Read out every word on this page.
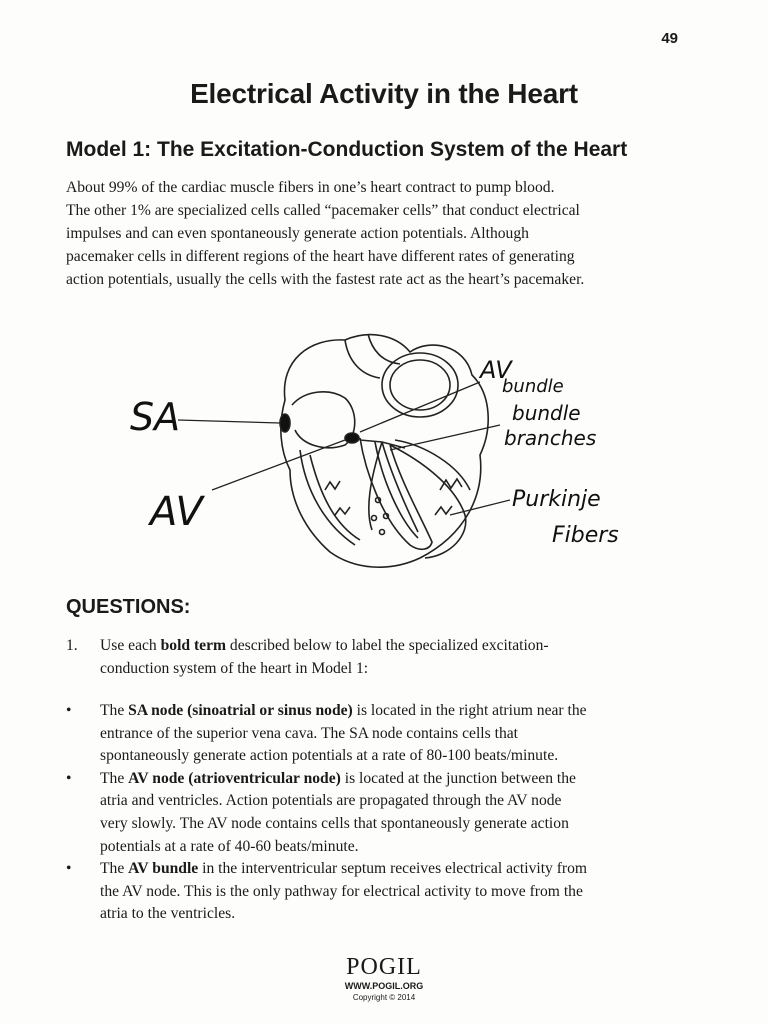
49
Electrical Activity in the Heart
Model 1: The Excitation-Conduction System of the Heart

About 99% of the cardiac muscle fibers in one’s heart contract to pump blood.
The other 1% are specialized cells called “pacemaker cells” that conduct electrical
impulses and can even spontaneously generate action potentials. Although
pacemaker cells in different regions of the heart have different rates of generating
action potentials, usually the cells with the fastest rate act as the heart’s pacemaker.

SA
AV
AV
bundle
bundle
branches
Purkinje
Fibers
QUESTIONS:
1. Use each bold term described below to label the specialized excitation-
conduction system of the heart in Model 1:
• The SA node (sinoatrial or sinus node) is located in the right atrium near the
entrance of the superior vena cava. The SA node contains cells that
spontaneously generate action potentials at a rate of 80-100 beats/minute.
• The AV node (atrioventricular node) is located at the junction between the
atria and ventricles. Action potentials are propagated through the AV node
very slowly. The AV node contains cells that spontaneously generate action
potentials at a rate of 40-60 beats/minute.
• The AV bundle in the interventricular septum receives electrical activity from
the AV node. This is the only pathway for electrical activity to move from the
atria to the ventricles.
POGIL
WWW.POGIL.ORG
Copyright © 2014
